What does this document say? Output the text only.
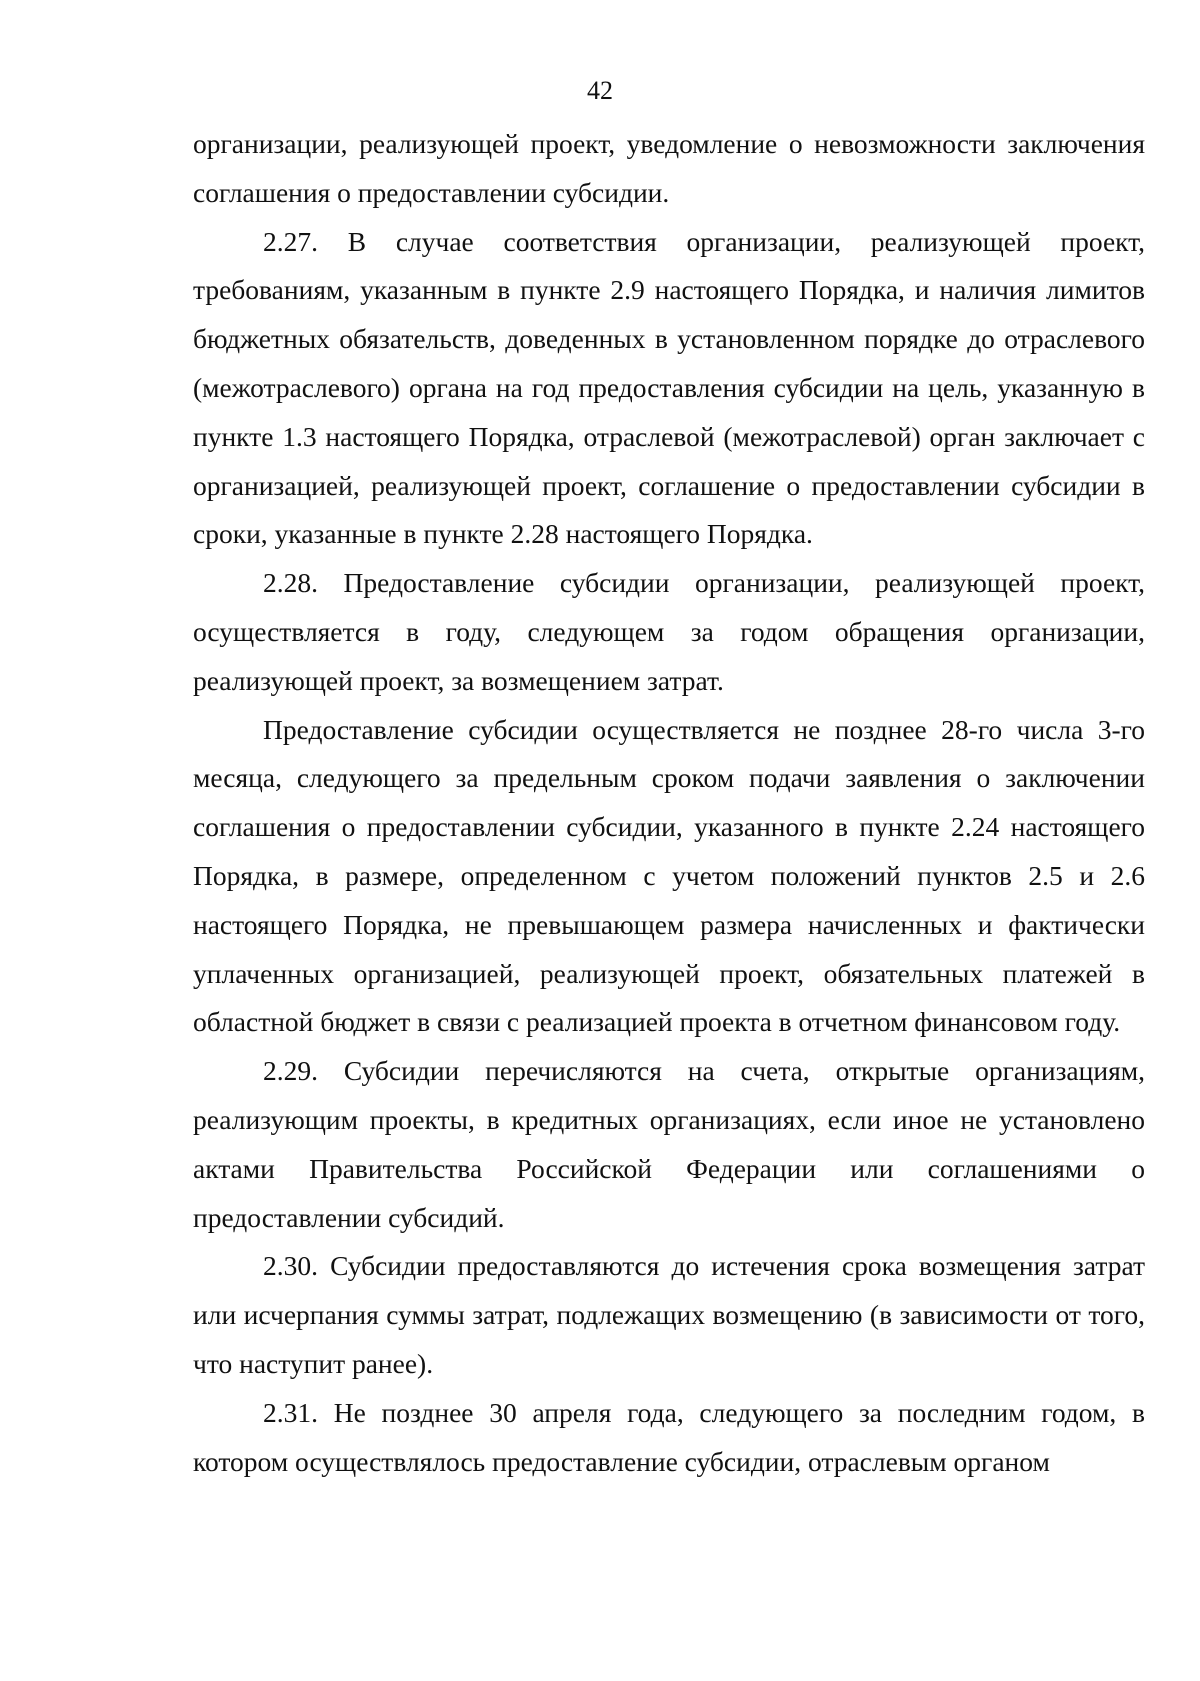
42

организации, реализующей проект, уведомление о невозможности заключения соглашения о предоставлении субсидии.

2.27. В случае соответствия организации, реализующей проект, требованиям, указанным в пункте 2.9 настоящего Порядка, и наличия лимитов бюджетных обязательств, доведенных в установленном порядке до отраслевого (межотраслевого) органа на год предоставления субсидии на цель, указанную в пункте 1.3 настоящего Порядка, отраслевой (межотраслевой) орган заключает с организацией, реализующей проект, соглашение о предоставлении субсидии в сроки, указанные в пункте 2.28 настоящего Порядка.

2.28. Предоставление субсидии организации, реализующей проект, осуществляется в году, следующем за годом обращения организации, реализующей проект, за возмещением затрат.

Предоставление субсидии осуществляется не позднее 28-го числа 3-го месяца, следующего за предельным сроком подачи заявления о заключении соглашения о предоставлении субсидии, указанного в пункте 2.24 настоящего Порядка, в размере, определенном с учетом положений пунктов 2.5 и 2.6 настоящего Порядка, не превышающем размера начисленных и фактически уплаченных организацией, реализующей проект, обязательных платежей в областной бюджет в связи с реализацией проекта в отчетном финансовом году.

2.29. Субсидии перечисляются на счета, открытые организациям, реализующим проекты, в кредитных организациях, если иное не установлено актами Правительства Российской Федерации или соглашениями о предоставлении субсидий.

2.30. Субсидии предоставляются до истечения срока возмещения затрат или исчерпания суммы затрат, подлежащих возмещению (в зависимости от того, что наступит ранее).

2.31. Не позднее 30 апреля года, следующего за последним годом, в котором осуществлялось предоставление субсидии, отраслевым органом
